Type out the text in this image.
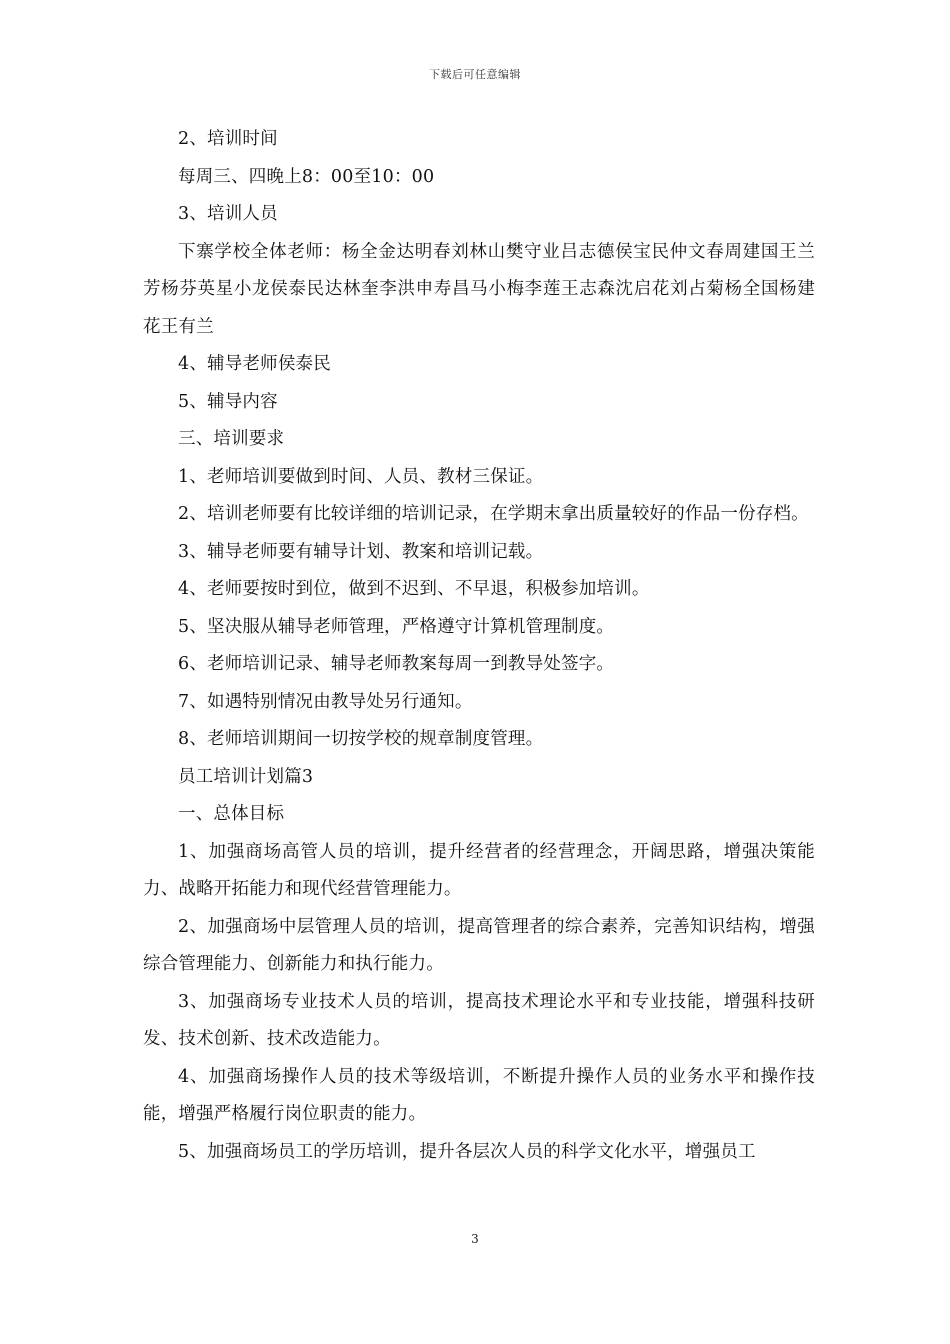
下载后可任意编辑

2、培训时间

每周三、四晚上8：00至10：00

3、培训人员

下寨学校全体老师：杨全金达明春刘林山樊守业吕志德侯宝民仲文春周建国王兰芳杨芬英星小龙侯泰民达林奎李洪申寿昌马小梅李莲王志森沈启花刘占菊杨全国杨建花王有兰

4、辅导老师侯泰民

5、辅导内容

三、培训要求

1、老师培训要做到时间、人员、教材三保证。

2、培训老师要有比较详细的培训记录，在学期末拿出质量较好的作品一份存档。

3、辅导老师要有辅导计划、教案和培训记载。

4、老师要按时到位，做到不迟到、不早退，积极参加培训。

5、坚决服从辅导老师管理，严格遵守计算机管理制度。

6、老师培训记录、辅导老师教案每周一到教导处签字。

7、如遇特别情况由教导处另行通知。

8、老师培训期间一切按学校的规章制度管理。

员工培训计划篇3

一、总体目标

1、加强商场高管人员的培训，提升经营者的经营理念，开阔思路，增强决策能力、战略开拓能力和现代经营管理能力。

2、加强商场中层管理人员的培训，提高管理者的综合素养，完善知识结构，增强综合管理能力、创新能力和执行能力。

3、加强商场专业技术人员的培训，提高技术理论水平和专业技能，增强科技研发、技术创新、技术改造能力。

4、加强商场操作人员的技术等级培训，不断提升操作人员的业务水平和操作技能，增强严格履行岗位职责的能力。

5、加强商场员工的学历培训，提升各层次人员的科学文化水平，增强员工

3
